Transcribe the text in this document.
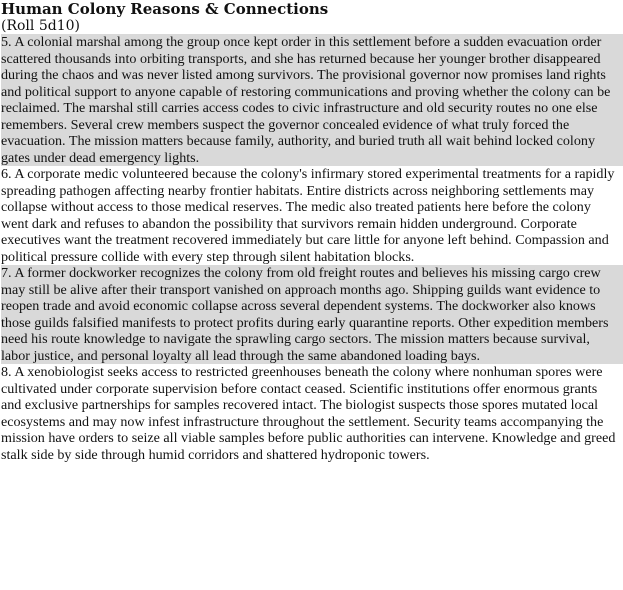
Human Colony Reasons & Connections
(Roll 5d10)
5. A colonial marshal among the group once kept order in this settlement before a sudden evacuation order scattered thousands into orbiting transports, and she has returned because her younger brother disappeared during the chaos and was never listed among survivors. The provisional governor now promises land rights and political support to anyone capable of restoring communications and proving whether the colony can be reclaimed. The marshal still carries access codes to civic infrastructure and old security routes no one else remembers. Several crew members suspect the governor concealed evidence of what truly forced the evacuation. The mission matters because family, authority, and buried truth all wait behind locked colony gates under dead emergency lights.
6. A corporate medic volunteered because the colony's infirmary stored experimental treatments for a rapidly spreading pathogen affecting nearby frontier habitats. Entire districts across neighboring settlements may collapse without access to those medical reserves. The medic also treated patients here before the colony went dark and refuses to abandon the possibility that survivors remain hidden underground. Corporate executives want the treatment recovered immediately but care little for anyone left behind. Compassion and political pressure collide with every step through silent habitation blocks.
7. A former dockworker recognizes the colony from old freight routes and believes his missing cargo crew may still be alive after their transport vanished on approach months ago. Shipping guilds want evidence to reopen trade and avoid economic collapse across several dependent systems. The dockworker also knows those guilds falsified manifests to protect profits during early quarantine reports. Other expedition members need his route knowledge to navigate the sprawling cargo sectors. The mission matters because survival, labor justice, and personal loyalty all lead through the same abandoned loading bays.
8. A xenobiologist seeks access to restricted greenhouses beneath the colony where nonhuman spores were cultivated under corporate supervision before contact ceased. Scientific institutions offer enormous grants and exclusive partnerships for samples recovered intact. The biologist suspects those spores mutated local ecosystems and may now infest infrastructure throughout the settlement. Security teams accompanying the mission have orders to seize all viable samples before public authorities can intervene. Knowledge and greed stalk side by side through humid corridors and shattered hydroponic towers.
